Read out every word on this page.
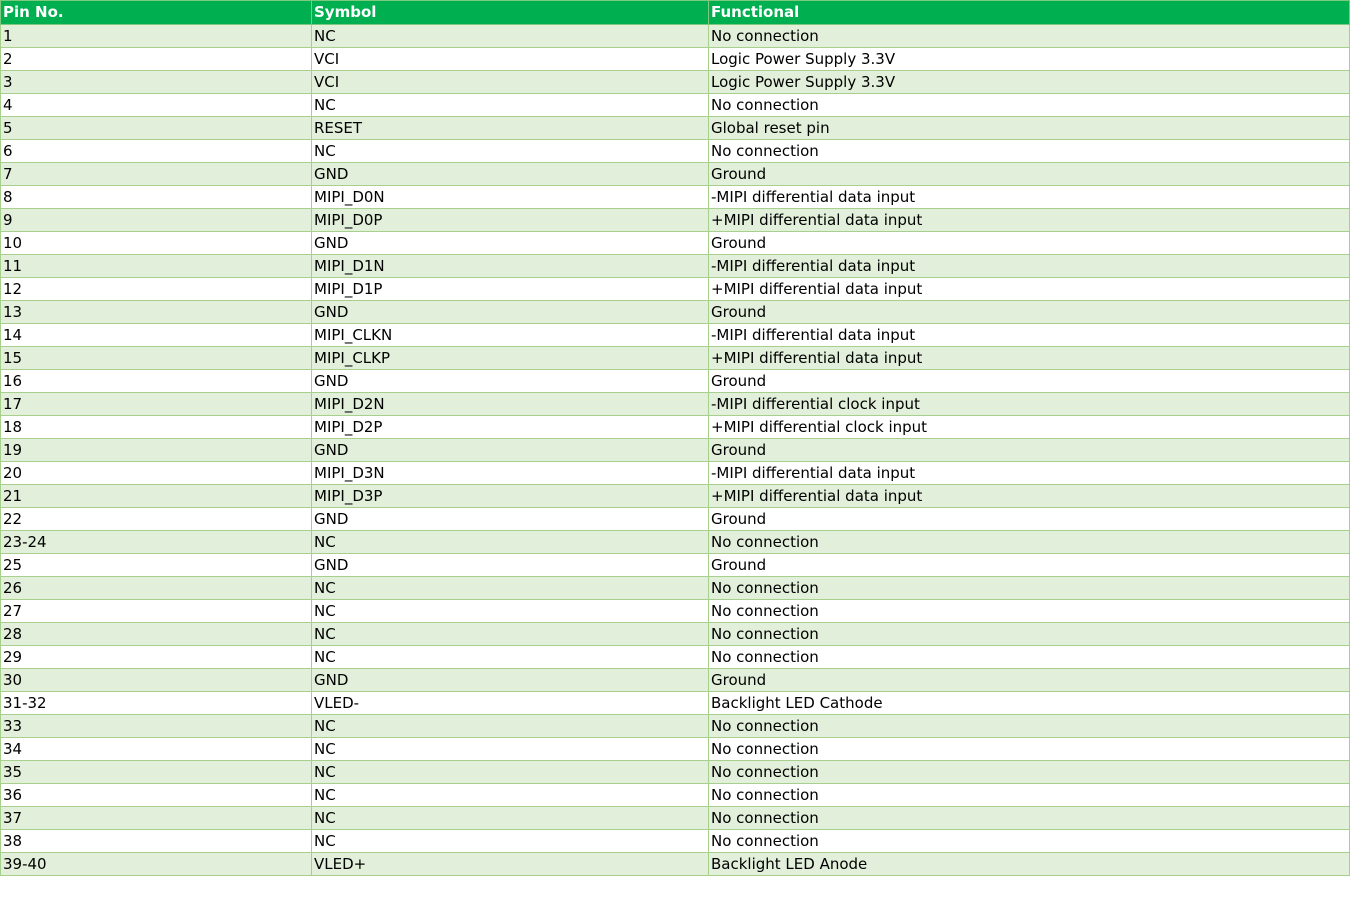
Pin No.	Symbol	Functional
1	NC	No connection
2	VCI	Logic Power Supply 3.3V
3	VCI	Logic Power Supply 3.3V
4	NC	No connection
5	RESET	Global reset pin
6	NC	No connection
7	GND	Ground
8	MIPI_D0N	-MIPI differential data input
9	MIPI_D0P	+MIPI differential data input
10	GND	Ground
11	MIPI_D1N	-MIPI differential data input
12	MIPI_D1P	+MIPI differential data input
13	GND	Ground
14	MIPI_CLKN	-MIPI differential data input
15	MIPI_CLKP	+MIPI differential data input
16	GND	Ground
17	MIPI_D2N	-MIPI differential clock input
18	MIPI_D2P	+MIPI differential clock input
19	GND	Ground
20	MIPI_D3N	-MIPI differential data input
21	MIPI_D3P	+MIPI differential data input
22	GND	Ground
23-24	NC	No connection
25	GND	Ground
26	NC	No connection
27	NC	No connection
28	NC	No connection
29	NC	No connection
30	GND	Ground
31-32	VLED-	Backlight LED Cathode
33	NC	No connection
34	NC	No connection
35	NC	No connection
36	NC	No connection
37	NC	No connection
38	NC	No connection
39-40	VLED+	Backlight LED Anode
